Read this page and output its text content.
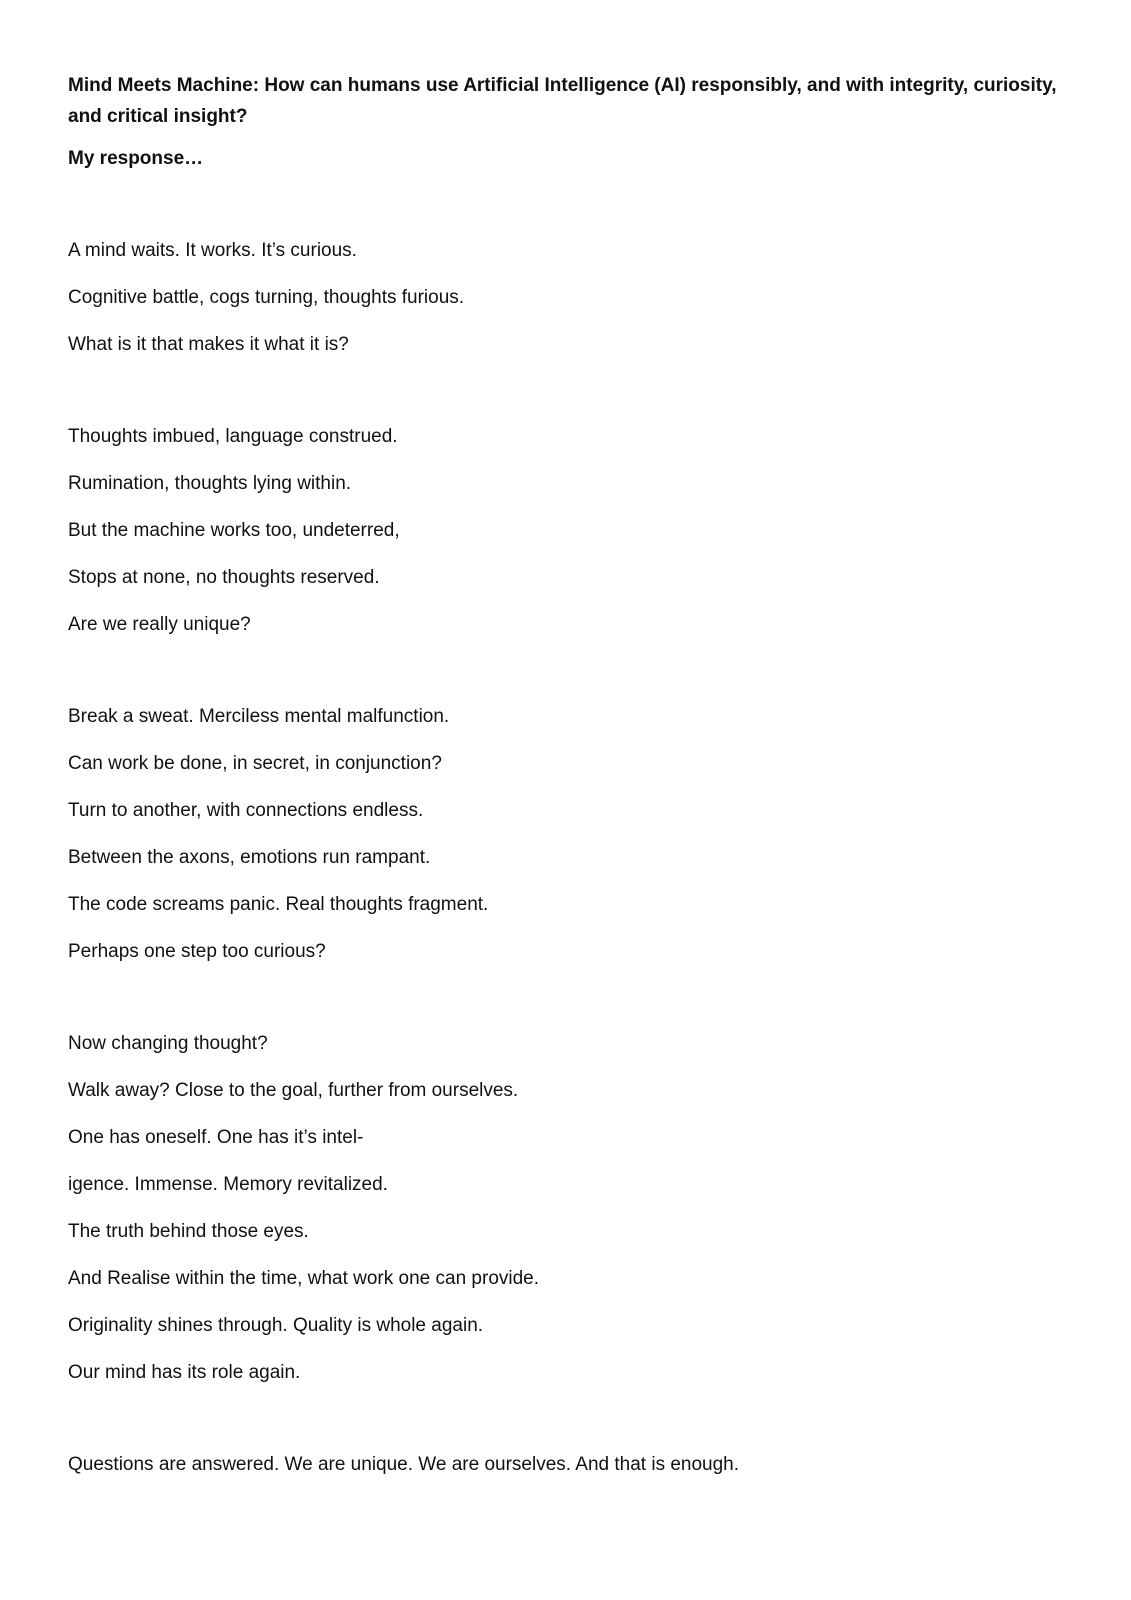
Mind Meets Machine: How can humans use Artificial Intelligence (AI) responsibly, and with integrity, curiosity, and critical insight?

My response…

A mind waits. It works. It’s curious.
Cognitive battle, cogs turning, thoughts furious.
What is it that makes it what it is?
Thoughts imbued, language construed.
Rumination, thoughts lying within.
But the machine works too, undeterred,
Stops at none, no thoughts reserved.
Are we really unique?
Break a sweat. Merciless mental malfunction.
Can work be done, in secret, in conjunction?
Turn to another, with connections endless.
Between the axons, emotions run rampant.
The code screams panic. Real thoughts fragment.
Perhaps one step too curious?
Now changing thought?
Walk away? Close to the goal, further from ourselves.
One has oneself. One has it’s intel-
igence. Immense. Memory revitalized.
The truth behind those eyes.
And Realise within the time, what work one can provide.
Originality shines through. Quality is whole again.
Our mind has its role again.
Questions are answered. We are unique. We are ourselves. And that is enough.
